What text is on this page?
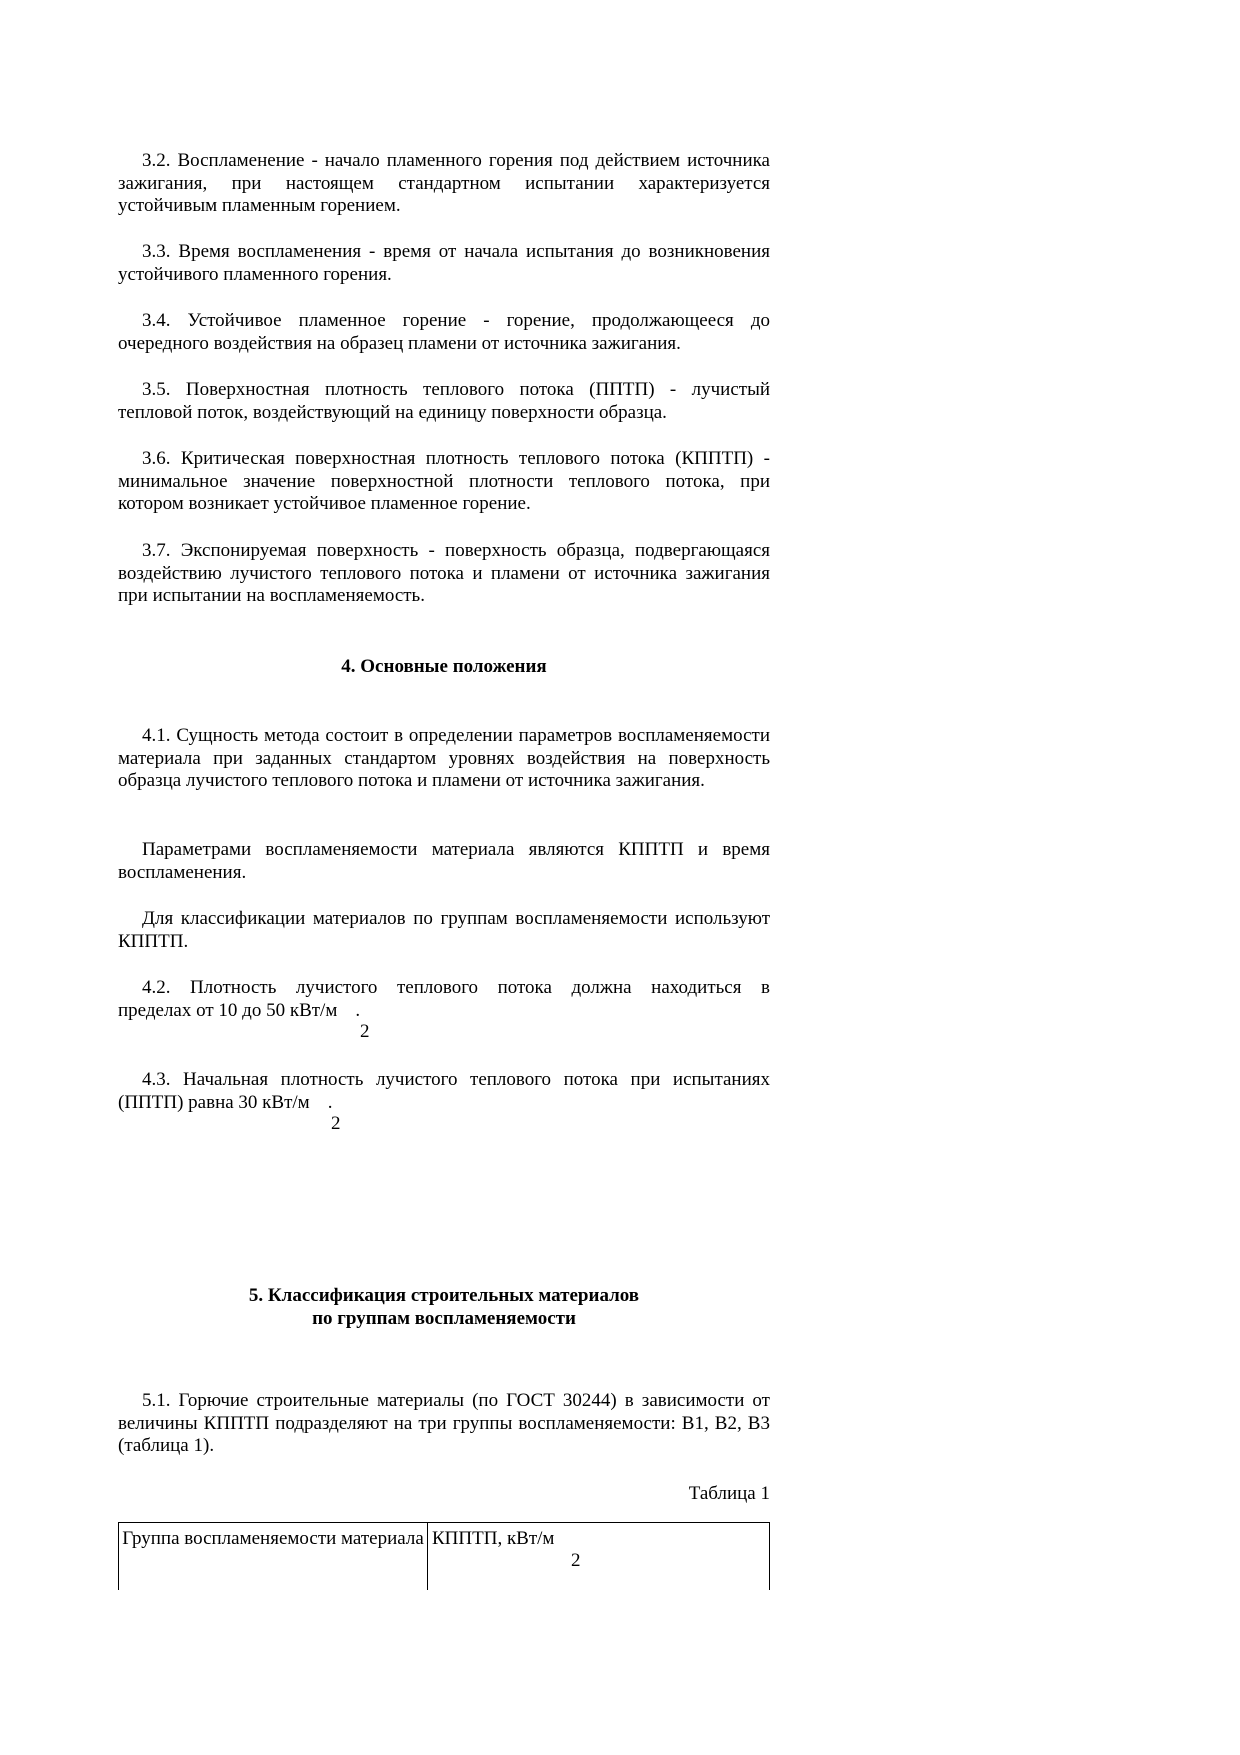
3.2. Воспламенение - начало пламенного горения под действием источника зажигания, при настоящем стандартном испытании характеризуется устойчивым пламенным горением.
3.3. Время воспламенения - время от начала испытания до возникновения устойчивого пламенного горения.
3.4. Устойчивое пламенное горение - горение, продолжающееся до очередного воздействия на образец пламени от источника зажигания.
3.5. Поверхностная плотность теплового потока (ППТП) - лучистый тепловой поток, воздействующий на единицу поверхности образца.
3.6. Критическая поверхностная плотность теплового потока (КППТП) - минимальное значение поверхностной плотности теплового потока, при котором возникает устойчивое пламенное горение.
3.7. Экспонируемая поверхность - поверхность образца, подвергающаяся воздействию лучистого теплового потока и пламени от источника зажигания при испытании на воспламеняемость.
4. Основные положения
4.1. Сущность метода состоит в определении параметров воспламеняемости материала при заданных стандартом уровнях воздействия на поверхность образца лучистого теплового потока и пламени от источника зажигания.
Параметрами воспламеняемости материала являются КППТП и время воспламенения.
Для классификации материалов по группам воспламеняемости используют КППТП.
4.2. Плотность лучистого теплового потока должна находиться в
пределах от 10 до 50 кВт/м .
2
4.3. Начальная плотность лучистого теплового потока при испытаниях
(ППТП) равна 30 кВт/м .
2
5. Классификация строительных материалов
по группам воспламеняемости
5.1. Горючие строительные материалы (по ГОСТ 30244) в зависимости от величины КППТП подразделяют на три группы воспламеняемости: В1, В2, В3 (таблица 1).
Таблица 1
Группа воспламеняемости материала КППТП, кВт/м
2
